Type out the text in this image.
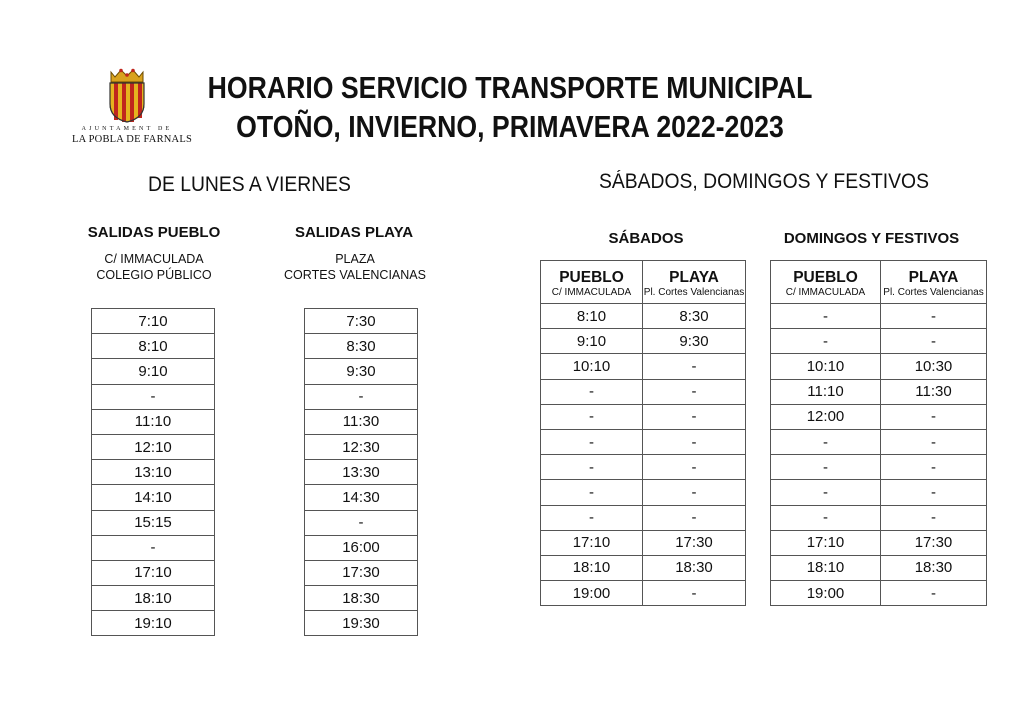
AJUNTAMENT DE
LA POBLA DE FARNALS
HORARIO SERVICIO TRANSPORTE MUNICIPAL
OTOÑO, INVIERNO, PRIMAVERA 2022-2023
DE LUNES A VIERNES	SÁBADOS, DOMINGOS Y FESTIVOS
SALIDAS PUEBLO
C/ IMMACULADA
COLEGIO PÚBLICO
7:10
8:10
9:10
-
11:10
12:10
13:10
14:10
15:15
-
17:10
18:10
19:10
SALIDAS PLAYA
PLAZA
CORTES VALENCIANAS
7:30
8:30
9:30
-
11:30
12:30
13:30
14:30
-
16:00
17:30
18:30
19:30
SÁBADOS
PUEBLO	PLAYA
C/ IMMACULADA	Pl. Cortes Valencianas
8:10	8:30
9:10	9:30
10:10	-
-	-
-	-
-	-
-	-
-	-
-	-
17:10	17:30
18:10	18:30
19:00	-
DOMINGOS Y FESTIVOS
PUEBLO	PLAYA
C/ IMMACULADA	Pl. Cortes Valencianas
-	-
-	-
10:10	10:30
11:10	11:30
12:00	-
-	-
-	-
-	-
-	-
17:10	17:30
18:10	18:30
19:00	-
